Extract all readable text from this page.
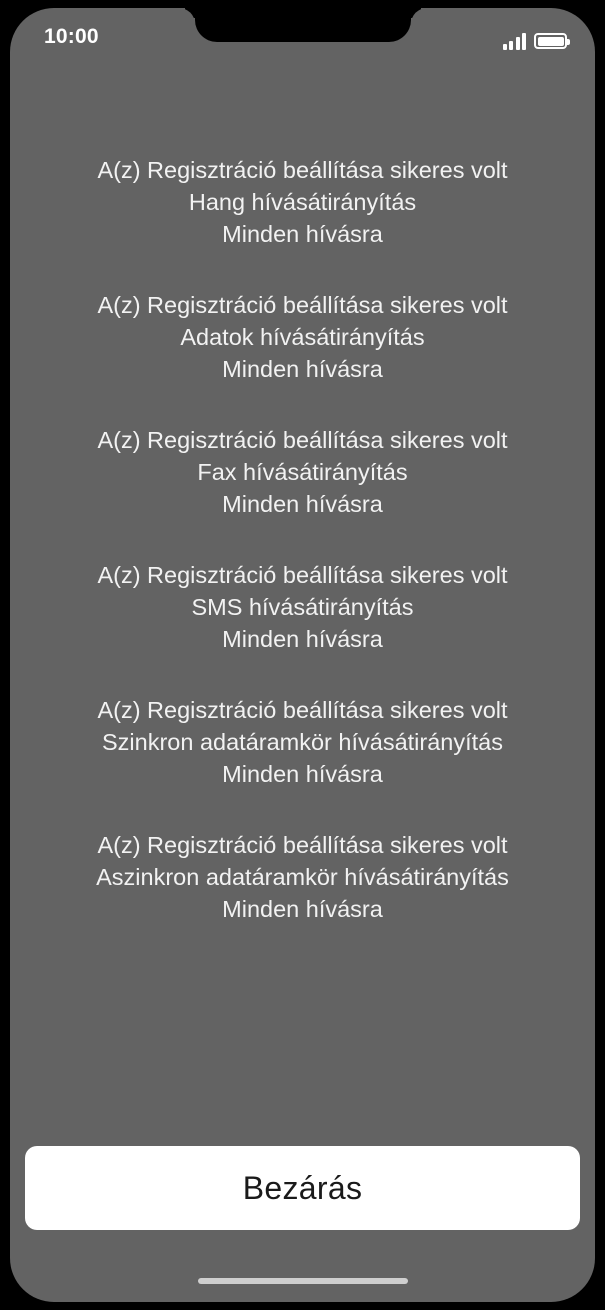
10:00
A(z) Regisztráció beállítása sikeres volt
Hang hívásátirányítás
Minden hívásra
A(z) Regisztráció beállítása sikeres volt
Adatok hívásátirányítás
Minden hívásra
A(z) Regisztráció beállítása sikeres volt
Fax hívásátirányítás
Minden hívásra
A(z) Regisztráció beállítása sikeres volt
SMS hívásátirányítás
Minden hívásra
A(z) Regisztráció beállítása sikeres volt
Szinkron adatáramkör hívásátirányítás
Minden hívásra
A(z) Regisztráció beállítása sikeres volt
Aszinkron adatáramkör hívásátirányítás
Minden hívásra
Bezárás
